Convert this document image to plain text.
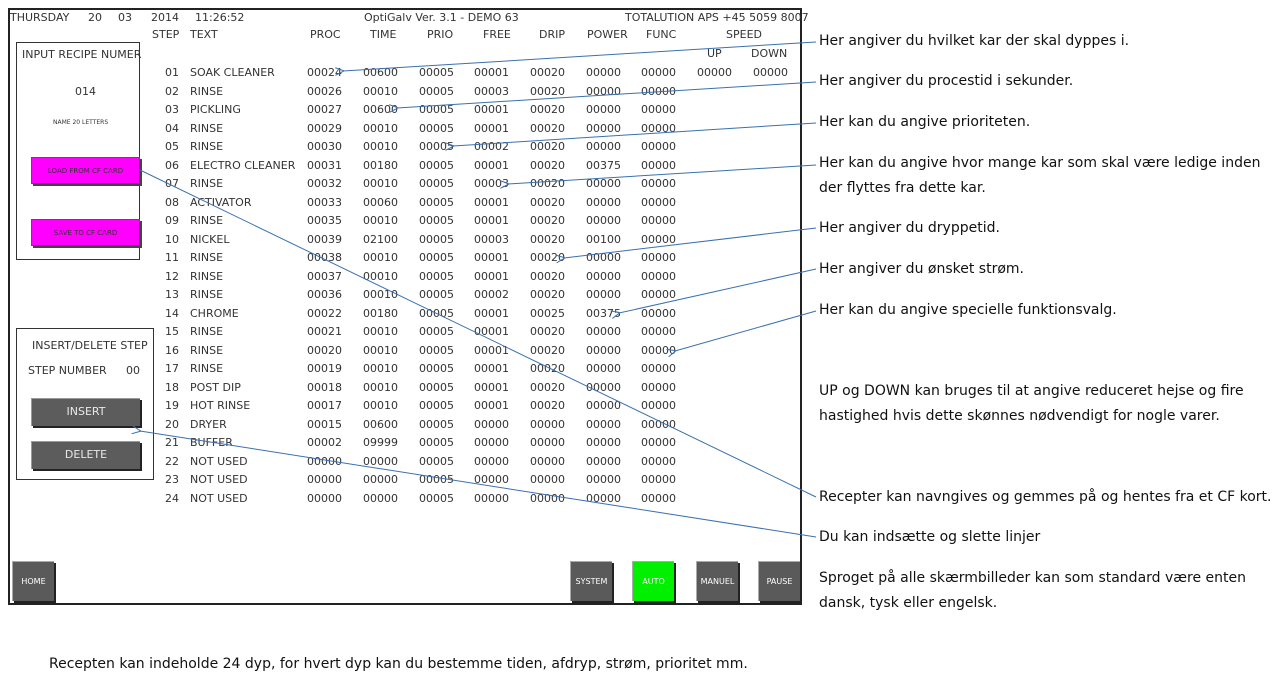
THURSDAY 20 03 2014 11:26:52	OptiGalv Ver. 3.1 - DEMO 63	TOTALUTION APS +45 5059 8007
STEP TEXT	PROC	TIME	PRIO	FREE	DRIP POWER FUNC	SPEED
UP	DOWN
01 SOAK CLEANER	00024 00600 00005 00001 00020 00000 00000 00000 00000
02 RINSE	00026 00010 00005 00003 00020 00000 00000
03 PICKLING	00027 00600 00005 00001 00020 00000 00000
04 RINSE	00029 00010 00005 00001 00020 00000 00000
05 RINSE	00030 00010 00005 00002 00020 00000 00000
06 ELECTRO CLEANER 00031 00180 00005 00001 00020 00375 00000
07 RINSE	00032 00010 00005 00003 00020 00000 00000
08 ACTIVATOR	00033 00060 00005 00001 00020 00000 00000
09 RINSE	00035 00010 00005 00001 00020 00000 00000
10 NICKEL	00039 02100 00005 00003 00020 00100 00000
11 RINSE	00038 00010 00005 00001 00020 00000 00000
12 RINSE	00037 00010 00005 00001 00020 00000 00000
13 RINSE	00036 00010 00005 00002 00020 00000 00000
14 CHROME	00022 00180 00005 00001 00025 00375 00000
15 RINSE	00021 00010 00005 00001 00020 00000 00000
16 RINSE	00020 00010 00005 00001 00020 00000 00000
17 RINSE	00019 00010 00005 00001 00020 00000 00000
18 POST DIP	00018 00010 00005 00001 00020 00000 00000
19 HOT RINSE	00017 00010 00005 00001 00020 00000 00000
20 DRYER	00015 00600 00005 00000 00000 00000 00000
21 BUFFER	00002 09999 00005 00000 00000 00000 00000
22 NOT USED	00000 00000 00005 00000 00000 00000 00000
23 NOT USED	00000 00000 00005 00000 00000 00000 00000
24 NOT USED	00000 00000 00005 00000 00000 00000 00000
INPUT RECIPE NUMER
014
NAME 20 LETTERS
LOAD FROM CF CARD
SAVE TO CF CARD
INSERT/DELETE STEP
STEP NUMBER 00
INSERT
DELETE
HOME	SYSTEM	AUTO	MANUEL	PAUSE
Her angiver du hvilket kar der skal dyppes i.
Her angiver du procestid i sekunder.
Her kan du angive prioriteten.
Her kan du angive hvor mange kar som skal være ledige inden
der flyttes fra dette kar.
Her angiver du dryppetid.
Her angiver du ønsket strøm.
Her kan du angive specielle funktionsvalg.
UP og DOWN kan bruges til at angive reduceret hejse og fire
hastighed hvis dette skønnes nødvendigt for nogle varer.
Recepter kan navngives og gemmes på og hentes fra et CF kort.
Du kan indsætte og slette linjer
Sproget på alle skærmbilleder kan som standard være enten
dansk, tysk eller engelsk.
Recepten kan indeholde 24 dyp, for hvert dyp kan du bestemme tiden, afdryp, strøm, prioritet mm.
